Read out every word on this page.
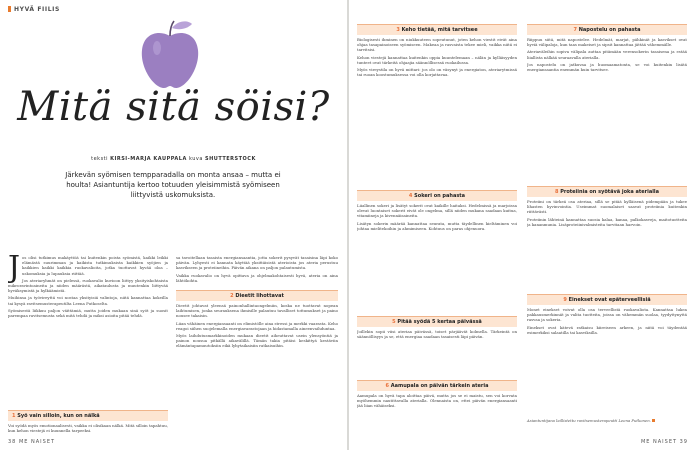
HYVÄ FIILIS
Mitä sitä söisi?
teksti KIRSI-MARJA KAUPPALA kuva SHUTTERSTOCK
Järkevän syömisen tempparadalla on monta ansaa – mutta ei houlta! Asiantuntija kertoo totuuden yleisimmistä syömiseen liittyvistä uskomuksista.

Jos olisi tutkimus makäyttöä tai kuitenkin poista syömistä, kaikki leikki elämästä suurimman ja kaikista tutkimuksista kaikkien syöjien ja kaikkien kaikki kaikkia ruokavalioita, jotka tuottavat hyvää oloa – uskomuksia ja lupauksia riittää.

Jos ateriaryhmät on pielessä, ruokavalio kuvioon liittyy yksityiskohtaista mikroravintoaineita ja niiden määrästä, aikataulusta ja muutenkin liittyvää hyväksymistä ja hylkäämistä.

Muihinsa ja työvireyttä voi nostaa yksityisiä valintoja, niitä kannattaa kokeilla tai kysyä ravitsemusterapeutilta Leena Putkoselta.

Syömisestä liikkuu paljon väittämiä, mutta joiden mukaan sinä syöt ja suosit parempaa ravitsemusta sekä mitä tehdä ja miksi asioita pitää tehdä.

1 Syö vain silloin, kun on nälkä

Voi syödä myös emotionaalisesti, vaikka ei olisikaan nälkä. Mitä silloin tapahtuu, kun kehon viestejä ei kuunnella tarpeeksi.

sa tavoitellaan tasaista energiansaantia, jotta sokerit pysyvät tasaisina läpi koko päivän. Lyhyesti ei kannata käyttää yksittäisistä aterioista jos ateria perustuu kasvikseen ja proteiineihin. Päivän aikana on paljon palautumista.

Vaikka ruokavalio on hyvä opittava ja ohjelmakohtaisesti hyvä, ateria on aina lähtökohta.

2 Dieetit lihottavat

Dieetit johtavat yleensä painonhallintaongelmiin, koska ne tuottavat nopean laihtumisen, jonka seurauksena ihmisille palautuu tavalliset tottumukset ja paino nousee takaisin.

Liian vähäinen energiansaanti on elimistölle aina stressi ja merkki vaarasta. Keho reagoi siihen suojelemalla energiavarastojaan ja hidastamalla aineenvaihduntaa.

Myös laihdutusmarkkinoiden mukaan dieetit aiheuttavat usein ylensyöntiä ja painon nousua pitkällä aikavälillä. Tämän takia pitäisi keskittyä kestäviin elämäntapamuutoksiin eikä lyhytaikaisiin ratkaisuihin.

38 ME NAISET
3 Keho tietää, mitä tarvitsee

Biologisesti ihminen on niukkuuteen sopeutunut, joten kehon viestit eivät aina ohjaa tasapainoiseen syömiseen. Makeaa ja rasvaista tekee mieli, vaikka niitä ei tarvitsisi.

Kehon viestejä kannattaa kuitenkin oppia kuuntelemaan – nälän ja kylläisyyden tunteet ovat tärkeitä ohjaajia säännöllisessä ruokailussa.

Myös vireystila on hyvä mittari: jos olo on väsynyt ja energiaton, ateriarytmissä tai ruoan koostumuksessa voi olla korjattavaa.

4 Sokeri on pahasta

Liiallinen sokeri ja lisätyt sokerit ovat kaikille haitaksi. Hedelmissä ja marjoissa olevat luontaiset sokerit eivät ole ongelma, sillä niiden mukana saadaan kuitua, vitamiineja ja kivennäisaineita.

Lisätyn sokerin määrää kannattaa seurata, mutta täydellinen kieltäminen voi johtaa mielitekoihin ja ahmimiseen. Kohtuus on paras ohjenuora.

5 Pitää syödä 5 kertaa päivässä

Joillekin sopii viisi ateriaa päivässä, toiset pärjäävät kolmella. Tärkeintä on säännöllisyys ja se, että energiaa saadaan tasaisesti läpi päivän.

6 Aamupala on päivän tärkein ateria

Aamupala on hyvä tapa aloittaa päivä, mutta jos se ei maistu, sen voi korvata myöhemmin nautittavalla aterialla. Olennaista on, ettei päivän energiansaanti jää liian vähäiseksi.

7 Napostelu on pahasta

Riippuu siitä, mitä napostelee. Hedelmät, marjat, pähkinät ja kasvikset ovat hyviä välipaloja, kun taas makeiset ja sipsit kannattaa jättää vähemmälle.

Ateriaväleihin sopiva välipala auttaa pitämään verensokerin tasaisena ja estää liiallista nälkää seuraavalla aterialla.

Jos napostelu on jatkuvaa ja huomaamatonta, se voi kuitenkin lisätä energiansaantia enemmän kuin tarvitsee.

8 Proteiinia on syötävä joka aterialla

Proteiini on tärkeä osa ateriaa, sillä se pitää kylläisenä pidempään ja tukee lihasten hyvinvointia. Useimmat suomalaiset saavat proteiinia kuitenkin riittävästi.

Proteiinin lähteinä kannattaa suosia kalaa, kanaa, palkokasveja, maitotuotteita ja kananmunia. Lisäproteiinivalmisteita tarvitaan harvoin.

9 Einekset ovat epäterveellisiä

Monet einekset voivat olla osa terveellistä ruokavaliota. Kannattaa lukea pakkausmerkinnät ja valita tuotteita, joissa on vähemmän suolaa, tyydyttynyttä rasvaa ja sokeria.

Einekset ovat kätevä ratkaisu kiireiseen arkeen, ja niitä voi täydentää esimerkiksi salaatilla tai kasviksilla.

Asiantuntijana laillistettu ravitsemusterapeutti Leena Putkonen.
ME NAISET 39
